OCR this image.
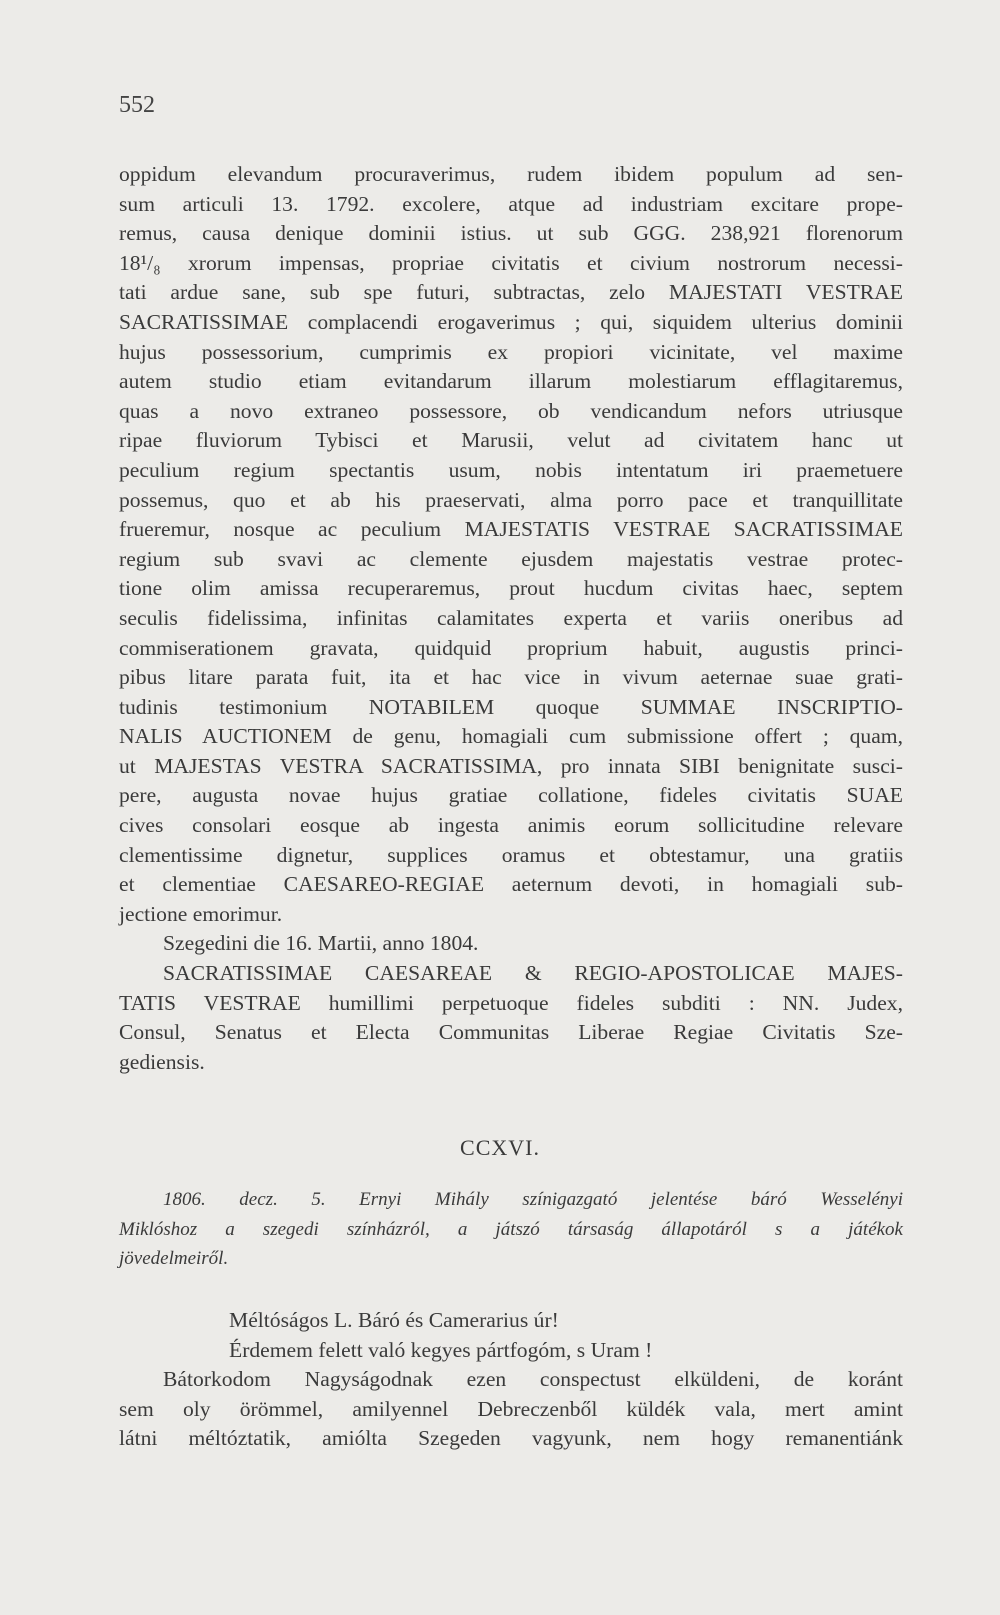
552
oppidum elevandum procuraverimus, rudem ibidem populum ad sen-
sum articuli 13. 1792. excolere, atque ad industriam excitare prope-
remus, causa denique dominii istius. ut sub GGG. 238,921 florenorum
18¹/₈ xrorum impensas, propriae civitatis et civium nostrorum necessi-
tati ardue sane, sub spe futuri, subtractas, zelo MAJESTATI VESTRAE
SACRATISSIMAE complacendi erogaverimus ; qui, siquidem ulterius dominii
hujus possessorium, cumprimis ex propiori vicinitate, vel maxime
autem studio etiam evitandarum illarum molestiarum efflagitaremus,
quas a novo extraneo possessore, ob vendicandum nefors utriusque
ripae fluviorum Tybisci et Marusii, velut ad civitatem hanc ut
peculium regium spectantis usum, nobis intentatum iri praemetuere
possemus, quo et ab his praeservati, alma porro pace et tranquillitate
frueremur, nosque ac peculium MAJESTATIS VESTRAE SACRATISSIMAE
regium sub svavi ac clemente ejusdem majestatis vestrae protec-
tione olim amissa recuperaremus, prout hucdum civitas haec, septem
seculis fidelissima, infinitas calamitates experta et variis oneribus ad
commiserationem gravata, quidquid proprium habuit, augustis princi-
pibus litare parata fuit, ita et hac vice in vivum aeternae suae grati-
tudinis testimonium NOTABILEM quoque SUMMAE INSCRIPTIO-
NALIS AUCTIONEM de genu, homagiali cum submissione offert ; quam,
ut MAJESTAS VESTRA SACRATISSIMA, pro innata SIBI benignitate susci-
pere, augusta novae hujus gratiae collatione, fideles civitatis SUAE
cives consolari eosque ab ingesta animis eorum sollicitudine relevare
clementissime dignetur, supplices oramus et obtestamur, una gratiis
et clementiae CAESAREO-REGIAE aeternum devoti, in homagiali sub-
jectione emorimur.
Szegedini die 16. Martii, anno 1804.
SACRATISSIMAE CAESAREAE & REGIO-APOSTOLICAE MAJES-
TATIS VESTRAE humillimi perpetuoque fideles subditi : NN. Judex,
Consul, Senatus et Electa Communitas Liberae Regiae Civitatis Sze-
gediensis.
CCXVI.
1806. decz. 5. Ernyi Mihály színigazgató jelentése báró Wesselényi
Miklóshoz a szegedi színházról, a játszó társaság állapotáról s a játékok
jövedelmeiről.
Méltóságos L. Báró és Camerarius úr!
Érdemem felett való kegyes pártfogóm, s Uram !
Bátorkodom Nagyságodnak ezen conspectust elküldeni, de koránt
sem oly örömmel, amilyennel Debreczenből küldék vala, mert amint
látni méltóztatik, amiólta Szegeden vagyunk, nem hogy remanentiánk
